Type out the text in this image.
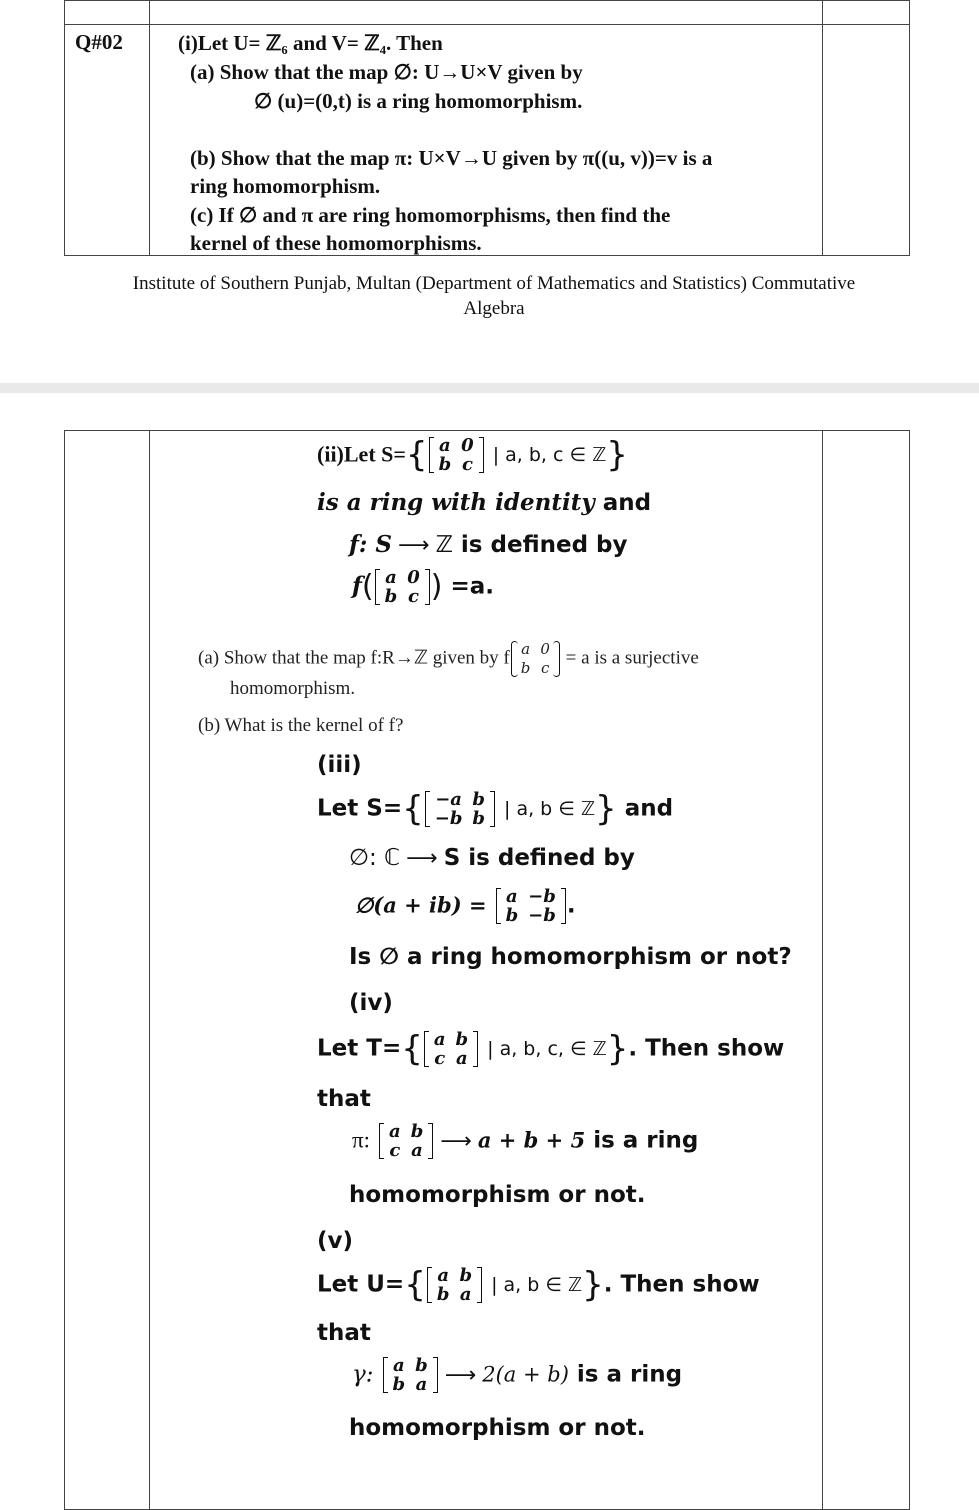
Q#02	(i)Let U= ℤ₆ and V= ℤ₄. Then
(a) Show that the map ∅: U→U×V given by
∅ (u)=(0,t) is a ring homomorphism.
(b) Show that the map π: U×V→U given by π((u, v))=v is a
ring homomorphism.
(c) If ∅ and π are ring homomorphisms, then find the
kernel of these homomorphisms.
Institute of Southern Punjab, Multan (Department of Mathematics and Statistics) Commutative
Algebra
(ii)Let S={ a	0
b	c | a, b, c ∈ ℤ}
is a ring with identity and
f: S ⟶ ℤ is defined by
f( a	0
b	c ) =a.
(a) Show that the map f:R→ℤ given by f a	0
b	c = a is a surjective
homomorphism.
(b) What is the kernel of f?
(iii)
Let S={ −a	b
−b	b | a, b ∈ ℤ} and
∅: ℂ ⟶ S is defined by
∅(a + ib) = a	−b
b	−b .
Is ∅ a ring homomorphism or not?
(iv)
Let T={ a	b
c	a | a, b, c, ∈ ℤ}. Then show
that
π: a	b
c	a ⟶ a + b + 5 is a ring
homomorphism or not.
(v)
Let U={ a	b
b	a | a, b ∈ ℤ}. Then show
that
γ: a	b
b	a ⟶ 2(a + b) is a ring
homomorphism or not.
